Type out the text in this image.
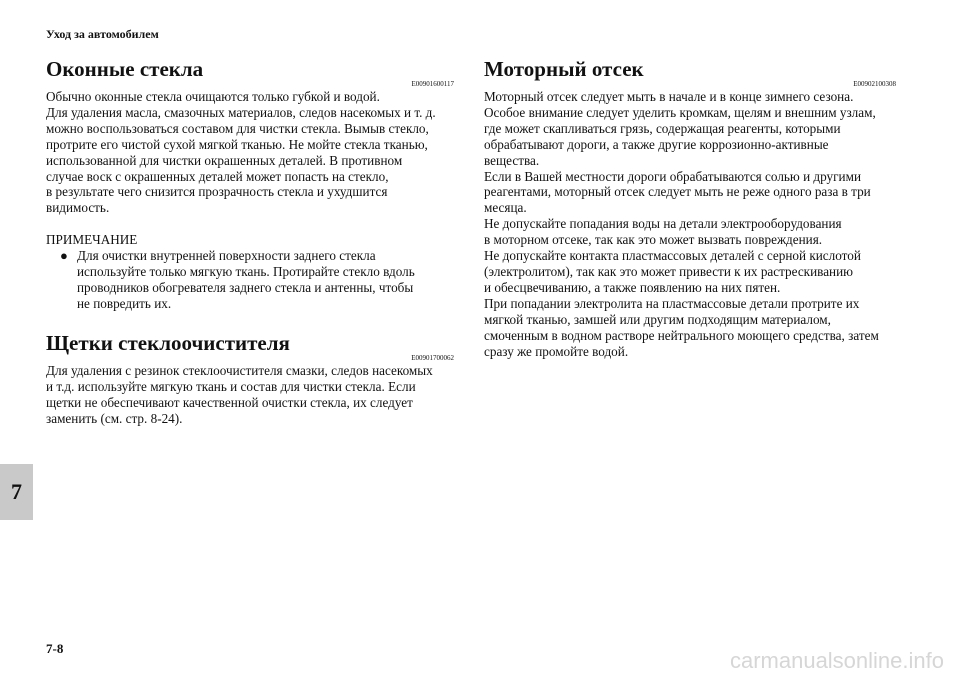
Уход за автомобилем
Оконные стекла
E00901600117

Обычно оконные стекла очищаются только губкой и водой.

Для удаления масла, смазочных материалов, следов насекомых и т. д.

можно воспользоваться составом для чистки стекла. Вымыв стекло,

протрите его чистой сухой мягкой тканью. Не мойте стекла тканью,

использованной для чистки окрашенных деталей. В противном

случае воск с окрашенных деталей может попасть на стекло,

в результате чего снизится прозрачность стекла и ухудшится

видимость.

ПРИМЕЧАНИЕ
● Для очистки внутренней поверхности заднего стекла

используйте только мягкую ткань. Протирайте стекло вдоль

проводников обогревателя заднего стекла и антенны, чтобы

не повредить их.

Щетки стеклоочистителя
E00901700062

Для удаления с резинок стеклоочистителя смазки, следов насекомых

и т.д. используйте мягкую ткань и состав для чистки стекла. Если

щетки не обеспечивают качественной очистки стекла, их следует

заменить (см. стр. 8-24).

Моторный отсек
E00902100308

Моторный отсек следует мыть в начале и в конце зимнего сезона.

Особое внимание следует уделить кромкам, щелям и внешним узлам,

где может скапливаться грязь, содержащая реагенты, которыми

обрабатывают дороги, а также другие коррозионно-активные

вещества.

Если в Вашей местности дороги обрабатываются солью и другими

реагентами, моторный отсек следует мыть не реже одного раза в три

месяца.

Не допускайте попадания воды на детали электрооборудования

в моторном отсеке, так как это может вызвать повреждения.

Не допускайте контакта пластмассовых деталей с серной кислотой

(электролитом), так как это может привести к их растрескиванию

и обесцвечиванию, а также появлению на них пятен.

При попадании электролита на пластмассовые детали протрите их

мягкой тканью, замшей или другим подходящим материалом,

смоченным в водном растворе нейтрального моющего средства, затем

сразу же промойте водой.

7
7-8	carmanualsonline.info
